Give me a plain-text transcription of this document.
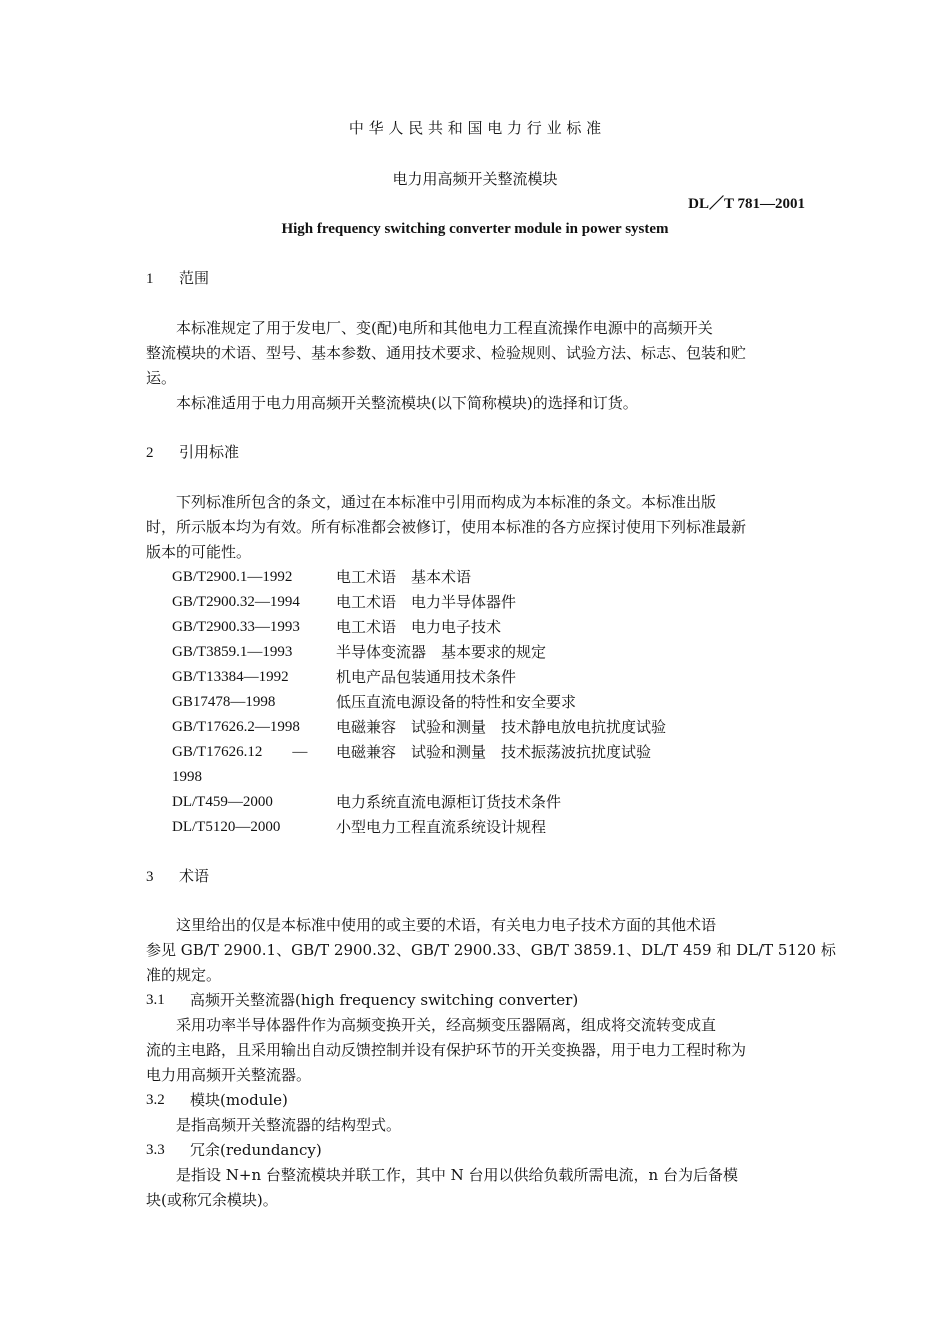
中 华 人 民 共 和 国 电 力 行 业 标 准
电力用高频开关整流模块
DL／T 781—2001
High frequency switching converter module in power system
1 范围
　　本标准规定了用于发电厂、变(配)电所和其他电力工程直流操作电源中的高频开关
整流模块的术语、型号、基本参数、通用技术要求、检验规则、试验方法、标志、包装和贮
运。
本标准适用于电力用高频开关整流模块(以下简称模块)的选择和订货。
2 引用标准
　　下列标准所包含的条文，通过在本标准中引用而构成为本标准的条文。本标准出版
时，所示版本均为有效。所有标准都会被修订，使用本标准的各方应探讨使用下列标准最新
版本的可能性。
GB/T2900.1—1992	电工术语　基本术语
GB/T2900.32—1994 电工术语　电力半导体器件
GB/T2900.33—1993 电工术语　电力电子技术
GB/T3859.1—1993	半导体变流器　基本要求的规定
GB/T13384—1992	机电产品包装通用技术条件
GB17478—1998	低压直流电源设备的特性和安全要求
GB/T17626.2—1998 电磁兼容　试验和测量　技术静电放电抗扰度试验
GB/T17626.12　　— 电磁兼容　试验和测量　技术振荡波抗扰度试验
1998
DL/T459—2000	电力系统直流电源柜订货技术条件
DL/T5120—2000	小型电力工程直流系统设计规程
3 术语
　　这里给出的仅是本标准中使用的或主要的术语，有关电力电子技术方面的其他术语
参见 GB/T 2900.1、GB/T 2900.32、GB/T 2900.33、GB/T 3859.1、DL/T 459 和 DL/T 5120 标
准的规定。
3.1 高频开关整流器(high frequency switching converter)
　　采用功率半导体器件作为高频变换开关，经高频变压器隔离，组成将交流转变成直
流的主电路，且采用输出自动反馈控制并设有保护环节的开关变换器，用于电力工程时称为
电力用高频开关整流器。
3.2 模块(module)
　　是指高频开关整流器的结构型式。
3.3 冗余(redundancy)
　　是指设 N+n 台整流模块并联工作，其中 N 台用以供给负载所需电流，n 台为后备模
块(或称冗余模块)。
